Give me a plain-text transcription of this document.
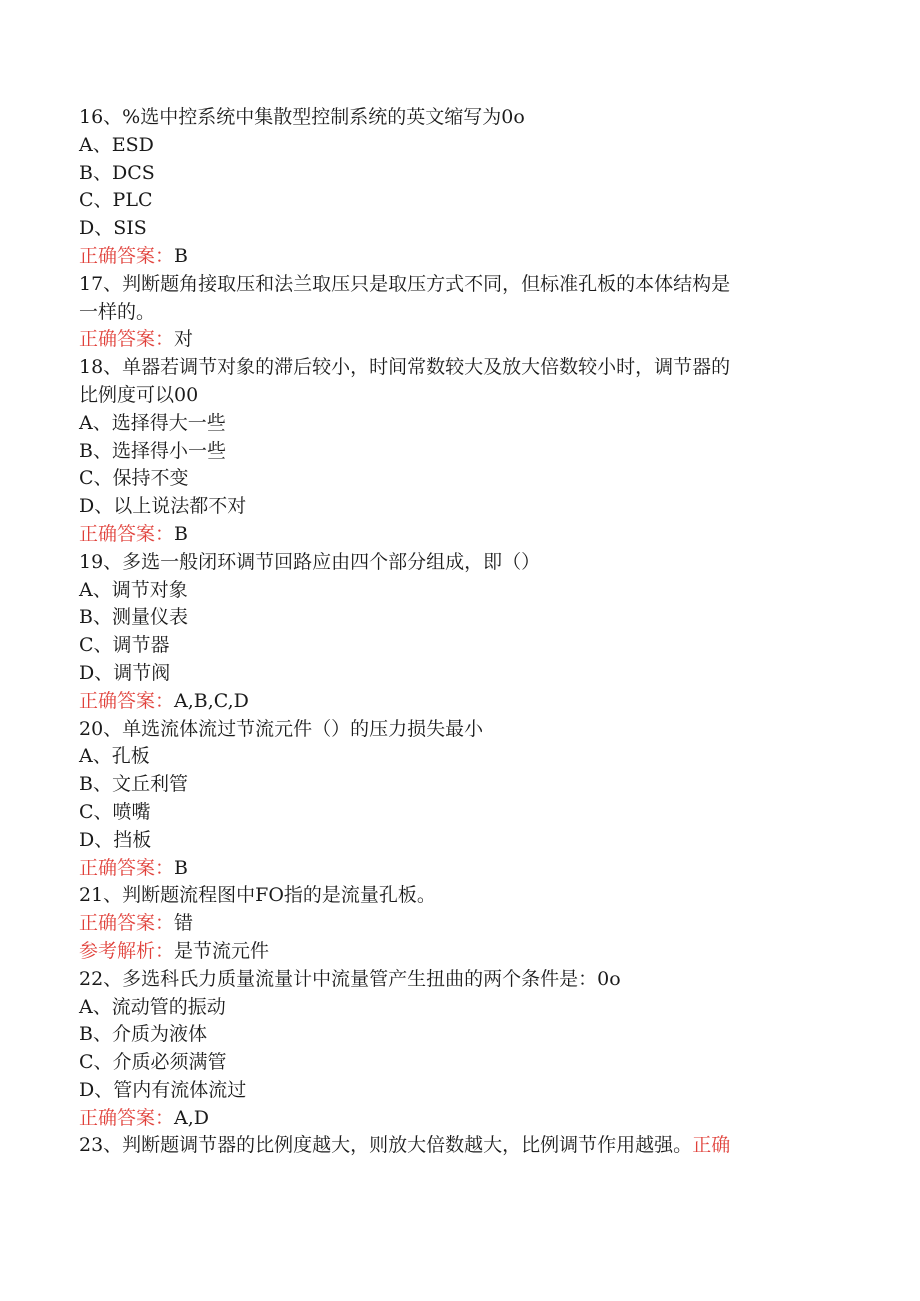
16、%选中控系统中集散型控制系统的英文缩写为0o
A、ESD
B、DCS
C、PLC
D、SIS
正确答案：B
17、判断题角接取压和法兰取压只是取压方式不同，但标准孔板的本体结构是
一样的。
正确答案：对
18、单器若调节对象的滞后较小，时间常数较大及放大倍数较小时，调节器的
比例度可以00
A、选择得大一些
B、选择得小一些
C、保持不变
D、以上说法都不对
正确答案：B
19、多选一般闭环调节回路应由四个部分组成，即（）
A、调节对象
B、测量仪表
C、调节器
D、调节阀
正确答案：A,B,C,D
20、单选流体流过节流元件（）的压力损失最小
A、孔板
B、文丘利管
C、喷嘴
D、挡板
正确答案：B
21、判断题流程图中FO指的是流量孔板。
正确答案：错
参考解析：是节流元件
22、多选科氏力质量流量计中流量管产生扭曲的两个条件是：0o
A、流动管的振动
B、介质为液体
C、介质必须满管
D、管内有流体流过
正确答案：A,D
23、判断题调节器的比例度越大，则放大倍数越大，比例调节作用越强。正确
